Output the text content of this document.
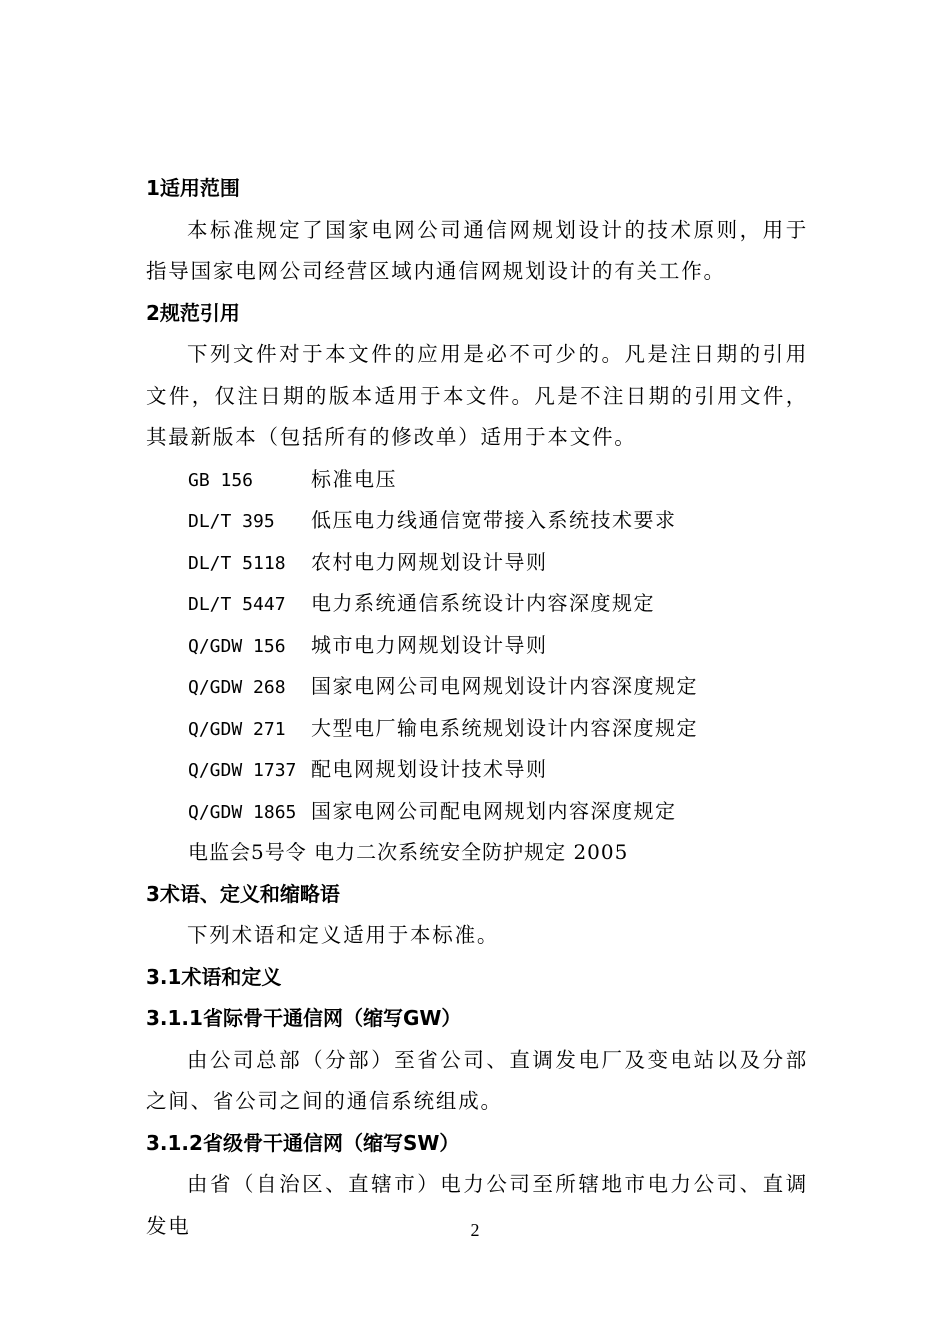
1适用范围
本标准规定了国家电网公司通信网规划设计的技术原则，用于指导国家电网公司经营区域内通信网规划设计的有关工作。
2规范引用
下列文件对于本文件的应用是必不可少的。凡是注日期的引用文件，仅注日期的版本适用于本文件。凡是不注日期的引用文件，其最新版本（包括所有的修改单）适用于本文件。
GB 156	标准电压
DL/T 395 低压电力线通信宽带接入系统技术要求
DL/T 5118 农村电力网规划设计导则
DL/T 5447 电力系统通信系统设计内容深度规定
Q/GDW 156 城市电力网规划设计导则
Q/GDW 268 国家电网公司电网规划设计内容深度规定
Q/GDW 271 大型电厂输电系统规划设计内容深度规定
Q/GDW 1737 配电网规划设计技术导则
Q/GDW 1865 国家电网公司配电网规划内容深度规定
电监会5号令 电力二次系统安全防护规定 2005
3术语、定义和缩略语
下列术语和定义适用于本标准。
3.1术语和定义
3.1.1省际骨干通信网（缩写GW）
由公司总部（分部）至省公司、直调发电厂及变电站以及分部之间、省公司之间的通信系统组成。
3.1.2省级骨干通信网（缩写SW）
由省（自治区、直辖市）电力公司至所辖地市电力公司、直调发电	2
